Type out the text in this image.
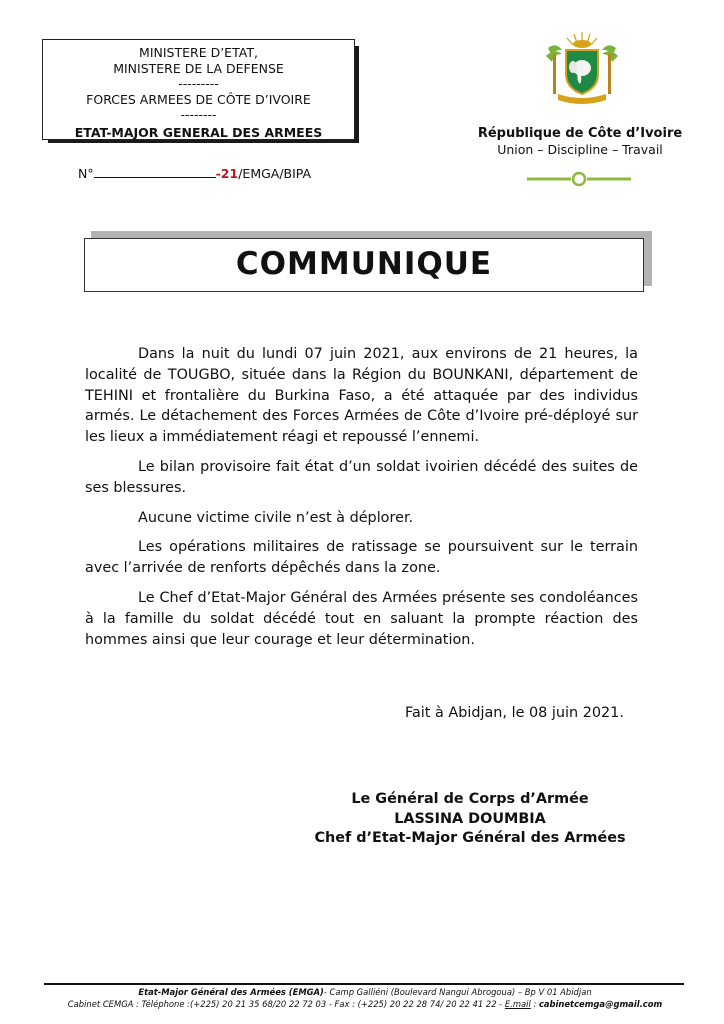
MINISTERE D’ETAT,
MINISTERE DE LA DEFENSE
---------
FORCES ARMEES DE CÔTE D’IVOIRE
--------
ETAT-MAJOR GENERAL DES ARMEES
N°	-21/EMGA/BIPA
République de Côte d’Ivoire
Union – Discipline – Travail
COMMUNIQUE

Dans la nuit du lundi 07 juin 2021, aux environs de 21 heures, la localité de TOUGBO, située dans la Région du BOUNKANI, département de TEHINI et frontalière du Burkina Faso, a été attaquée par des individus armés. Le détachement des Forces Armées de Côte d’Ivoire pré-déployé sur les lieux a immédiatement réagi et repoussé l’ennemi.

Le bilan provisoire fait état d’un soldat ivoirien décédé des suites de ses blessures.

Aucune victime civile n’est à déplorer.

Les opérations militaires de ratissage se poursuivent sur le terrain avec l’arrivée de renforts dépêchés dans la zone.

Le Chef d’Etat-Major Général des Armées présente ses condoléances à la famille du soldat décédé tout en saluant la prompte réaction des hommes ainsi que leur courage et leur détermination.

Fait à Abidjan, le 08 juin 2021.
Le Général de Corps d’Armée
LASSINA DOUMBIA
Chef d’Etat-Major Général des Armées
Etat-Major Général des Armées (EMGA)- Camp Galliéni (Boulevard Nangui Abrogoua) – Bp V 01 Abidjan
Cabinet CEMGA : Téléphone :(+225) 20 21 35 68/20 22 72 03 - Fax : (+225) 20 22 28 74/ 20 22 41 22 - E.mail : cabinetcemga@gmail.com
